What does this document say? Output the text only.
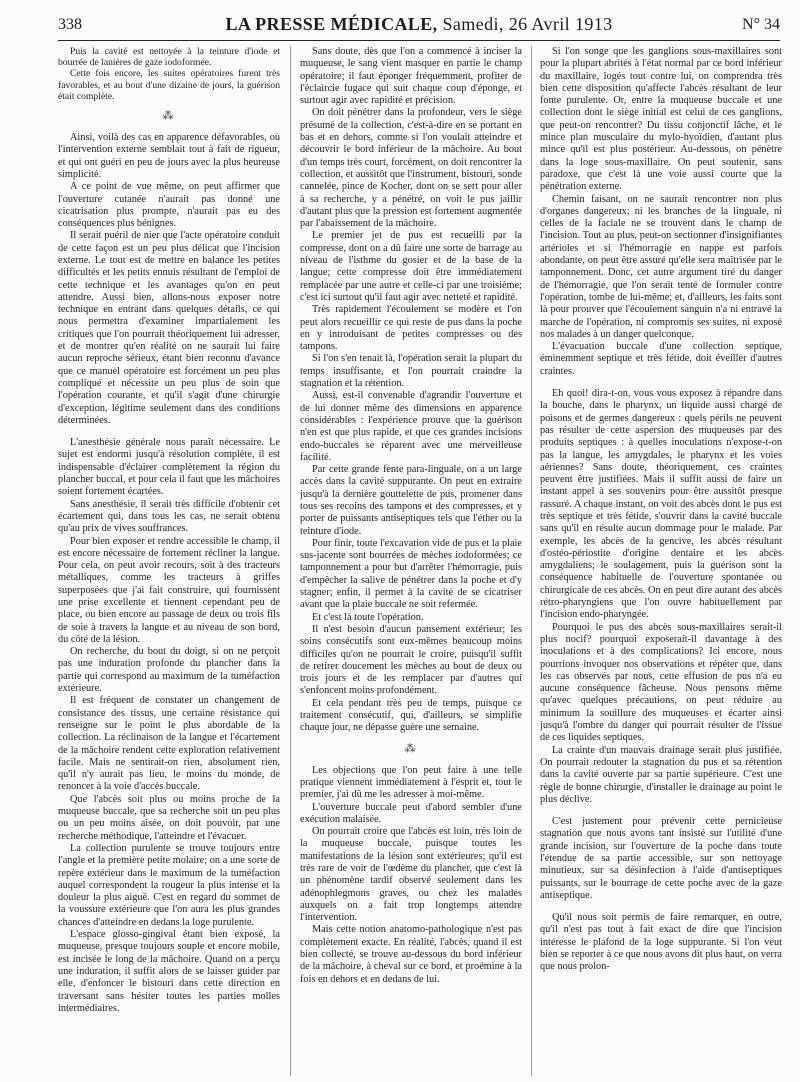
338	LA PRESSE MÉDICALE, Samedi, 26 Avril 1913	N° 34

Puis la cavité est nettoyée à la teinture d'iode et bourrée de lanières de gaze iodoformée.

Cette fois encore, les suites opératoires furent très favorables, et au bout d'une dizaine de jours, la guérison était complète.

⁂

Ainsi, voilà des cas en apparence défavorables, où l'intervention externe semblait tout à fait de rigueur, et qui ont guéri en peu de jours avec la plus heureuse simplicité.

A ce point de vue même, on peut affirmer que l'ouverture cutanée n'aurait pas donné une cicatrisation plus prompte, n'aurait pas eu des conséquences plus bénignes.

Il serait puéril de nier que l'acte opératoire conduit de cette façon est un peu plus délicat que l'incision externe. Le tout est de mettre en balance les petites difficultés et les petits ennuis résultant de l'emploi de cette technique et les avantages qu'on en peut attendre. Aussi bien, allons-nous exposer notre technique en entrant dans quelques détails, ce qui nous permettra d'examiner impartialement les critiques que l'on pourrait théoriquement lui adresser, et de montrer qu'en réalité on ne saurait lui faire aucun reproche sérieux, étant bien reconnu d'avance que ce manuel opératoire est forcément un peu plus compliqué et nécessite un peu plus de soin que l'opération courante, et qu'il s'agit d'une chirurgie d'exception, légitime seulement dans des conditions déterminées.

L'anesthésie générale nous paraît nécessaire. Le sujet est endormi jusqu'à résolution complète, il est indispensable d'éclairer complètement la région du plancher buccal, et pour cela il faut que les mâchoires soient fortement écartées.

Sans anesthésie, il serait très difficile d'obtenir cet écartement qui, dans tous les cas, ne serait obtenu qu'au prix de vives souffrances.

Pour bien exposer et rendre accessible le champ, il est encore nécessaire de fortement récliner la langue. Pour cela, on peut avoir recours, soit à des tracteurs métalliques, comme les tracteurs à griffes superposées que j'ai fait construire, qui fournissent une prise excellente et tiennent cependant peu de place, ou bien encore au passage de deux ou trois fils de soie à travers la langue et au niveau de son bord, du côté de la lésion.

On recherche, du bout du doigt, si on ne perçoit pas une induration profonde du plancher dans la partie qui correspond au maximum de la tuméfaction extérieure.

Il est fréquent de constater un changement de consistance des tissus, une certaine résistance qui renseigne sur le point le plus abordable de la collection. La réclinaison de la langue et l'écartement de la mâchoire rendent cette exploration relativement facile. Mais ne sentirait-on rien, absolument rien, qu'il n'y aurait pas lieu, le moins du monde, de renoncer à la voie d'accès buccale.

Que l'abcès soit plus ou moins proche de la muqueuse buccale, que sa recherche soit un peu plus ou un peu moins aisée, on doit pouvoir, par une recherche méthodique, l'atteindre et l'évacuer.

La collection purulente se trouve toujours entre l'angle et la première petite molaire; on a une sorte de repère extérieur dans le maximum de la tuméfaction auquel correspondent la rougeur la plus intense et la douleur la plus aiguë. C'est en regard du sommet de la voussure extérieure que l'on aura les plus grandes chances d'atteindre en dedans la loge purulente.

L'espace glosso-gingival étant bien exposé, la muqueuse, presque toujours souple et encore mobile, est incisée le long de la mâchoire. Quand on a perçu une induration, il suffit alors de se laisser guider par elle, d'enfoncer le bistouri dans cette direction en traversant sans hésiter toutes les parties molles intermédiaires.

Sans doute, dès que l'on a commencé à inciser la muqueuse, le sang vient masquer en partie le champ opératoire; il faut éponger fréquemment, profiter de l'éclaircie fugace qui suit chaque coup d'éponge, et surtout agir avec rapidité et précision.

On doit pénétrer dans la profondeur, vers le siège présumé de la collection, c'est-à-dire en se portant en bas et en dehors, comme si l'on voulait atteindre et découvrir le bord inférieur de la mâchoire. Au bout d'un temps très court, forcément, on doit rencontrer la collection, et aussitôt que l'instrument, bistouri, sonde cannelée, pince de Kocher, dont on se sert pour aller à sa recherche, y a pénétré, on voit le pus jaillir d'autant plus que la pression est fortement augmentée par l'abaissement de la mâchoire.

Le premier jet de pus est recueilli par la compresse, dont on a dû faire une sorte de barrage au niveau de l'isthme du gosier et de la base de la langue; cette compresse doit être immédiatement remplacée par une autre et celle-ci par une troisième; c'est ici surtout qu'il faut agir avec netteté et rapidité.

Très rapidement l'écoulement se modère et l'on peut alors recueillir ce qui reste de pus dans la poche en y introduisant de petites compresses ou des tampons.

Si l'on s'en tenait là, l'opération serait la plupart du temps insuffisante, et l'on pourrait craindre la stagnation et la rétention.

Aussi, est-il convenable d'agrandir l'ouverture et de lui donner même des dimensions en apparence considérables : l'expérience prouve que la guérison n'en est que plus rapide, et que ces grandes incisions endo-buccales se réparent avec une merveilleuse facilité.

Par cette grande fente para-linguale, on a un large accès dans la cavité suppurante. On peut en extraire jusqu'à la dernière gouttelette de pus, promener dans tous ses recoins des tampons et des compresses, et y porter de puissants antiseptiques tels que l'éther ou la teinture d'iode.

Pour finir, toute l'excavation vide de pus et la plaie sus-jacente sont bourrées de mèches iodoformées; ce tamponnement a pour but d'arrêter l'hémorragie, puis d'empêcher la salive de pénétrer dans la poche et d'y stagner; enfin, il permet à la cavité de se cicatriser avant que la plaie buccale ne soit refermée.

Et c'est là toute l'opération.

Il n'est besoin d'aucun pansement extérieur; les soins consécutifs sont eux-mêmes beaucoup moins difficiles qu'on ne pourrait le croire, puisqu'il suffit de retirer doucement les mèches au bout de deux ou trois jours et de les remplacer par d'autres qui s'enfoncent moins profondément.

Et cela pendant très peu de temps, puisque ce traitement consécutif, qui, d'ailleurs, se simplifie chaque jour, ne dépasse guère une semaine.

⁂

Les objections que l'on peut faire à une telle pratique viennent immédiatement à l'esprit et, tout le premier, j'ai dû me les adresser à moi-même.

L'ouverture buccale peut d'abord sembler d'une exécution malaisée.

On pourrait croire que l'abcès est loin, très loin de la muqueuse buccale, puisque toutes les manifestations de la lésion sont extérieures; qu'il est très rare de voir de l'œdème du plancher, que c'est là un phénomène tardif observé seulement dans les adénophlegmons graves, ou chez les malades auxquels on a fait trop longtemps attendre l'intervention.

Mais cette notion anatomo-pathologique n'est pas complètement exacte. En réalité, l'abcès, quand il est bien collecté, se trouve au-dessous du bord inférieur de la mâchoire, à cheval sur ce bord, et proémine à la fois en dehors et en dedans de lui.

Si l'on songe que les ganglions sous-maxillaires sont pour la plupart abrités à l'état normal par ce bord inférieur du maxillaire, logés tout contre lui, on comprendra très bien cette disposition qu'affecte l'abcès résultant de leur fonte purulente. Or, entre la muqueuse buccale et une collection dont le siège initial est celui de ces ganglions, que peut-on rencontrer? Du tissu conjonctif lâche, et le mince plan musculaire du mylo-hyoïdien, d'autant plus mince qu'il est plus postérieur. Au-dessous, on pénètre dans la loge sous-maxillaire. On peut soutenir, sans paradoxe, que c'est là une voie aussi courte que la pénétration externe.

Chemin faisant, on ne saurait rencontrer non plus d'organes dangereux; ni les branches de la linguale, ni celles de la faciale ne se trouvent dans le champ de l'incision. Tout au plus, peut-on sectionner d'insignifiantes artérioles et si l'hémorragie en nappe est parfois abondante, on peut être assuré qu'elle sera maîtrisée par le tamponnement. Donc, cet autre argument tiré du danger de l'hémorragie, que l'on serait tenté de formuler contre l'opération, tombe de lui-même; et, d'ailleurs, les faits sont là pour prouver que l'écoulement sanguin n'a ni entravé la marche de l'opération, ni compromis ses suites, ni exposé nos malades à un danger quelconque.

L'évacuation buccale d'une collection septique, éminemment septique et très fétide, doit éveiller d'autres craintes.

Eh quoi! dira-t-on, vous vous exposez à répandre dans la bouche, dans le pharynx, un liquide aussi chargé de poisons et de germes dangereux : quels périls ne peuvent pas résulter de cette aspersion des muqueuses par des produits septiques : à quelles inoculations n'expose-t-on pas la langue, les amygdales, le pharynx et les voies aériennes? Sans doute, théoriquement, ces craintes peuvent être justifiées. Mais il suffit aussi de faire un instant appel à ses souvenirs pour être aussitôt presque rassuré. A chaque instant, on voit des abcès dont le pus est très septique et très fétide, s'ouvrir dans la cavité buccale sans qu'il en résulte aucun dommage pour le malade. Par exemple, les abcès de la gencive, les abcès résultant d'ostéo-périostite d'origine dentaire et les abcès amygdaliens; le soulagement, puis la guérison sont la conséquence habituelle de l'ouverture spontanée ou chirurgicale de ces abcès. On en peut dire autant des abcès rétro-pharyngiens que l'on ouvre habituellement par l'incision endo-pharyngée.

Pourquoi le pus des abcès sous-maxillaires serait-il plus nocif? pourquoi exposerait-il davantage à des inoculations et à des complications? Ici encore, nous pourrions invoquer nos observations et répéter que, dans les cas observés par nous, cette effusion de pus n'a eu aucune conséquence fâcheuse. Nous pensons même qu'avec quelques précautions, on peut réduire au minimum la souillure des muqueuses et écarter ainsi jusqu'à l'ombre du danger qui pourrait résulter de l'issue de ces liquides septiques.

La crainte d'un mauvais drainage serait plus justifiée. On pourrait redouter la stagnation du pus et sa rétention dans la cavité ouverte par sa partie supérieure. C'est une règle de bonne chirurgie, d'installer le drainage au point le plus déclive.

C'est justement pour prévenir cette pernicieuse stagnation que nous avons tant insisté sur l'utilité d'une grande incision, sur l'ouverture de la poche dans toute l'étendue de sa partie accessible, sur son nettoyage minutieux, sur sa désinfection à l'aide d'antiseptiques puissants, sur le bourrage de cette poche avec de la gaze antiseptique.

Qu'il nous soit permis de faire remarquer, en outre, qu'il n'est pas tout à fait exact de dire que l'incision intéresse le plafond de la loge suppurante. Si l'on veut bien se reporter à ce que nous avons dit plus haut, on verra que nous prolon-
